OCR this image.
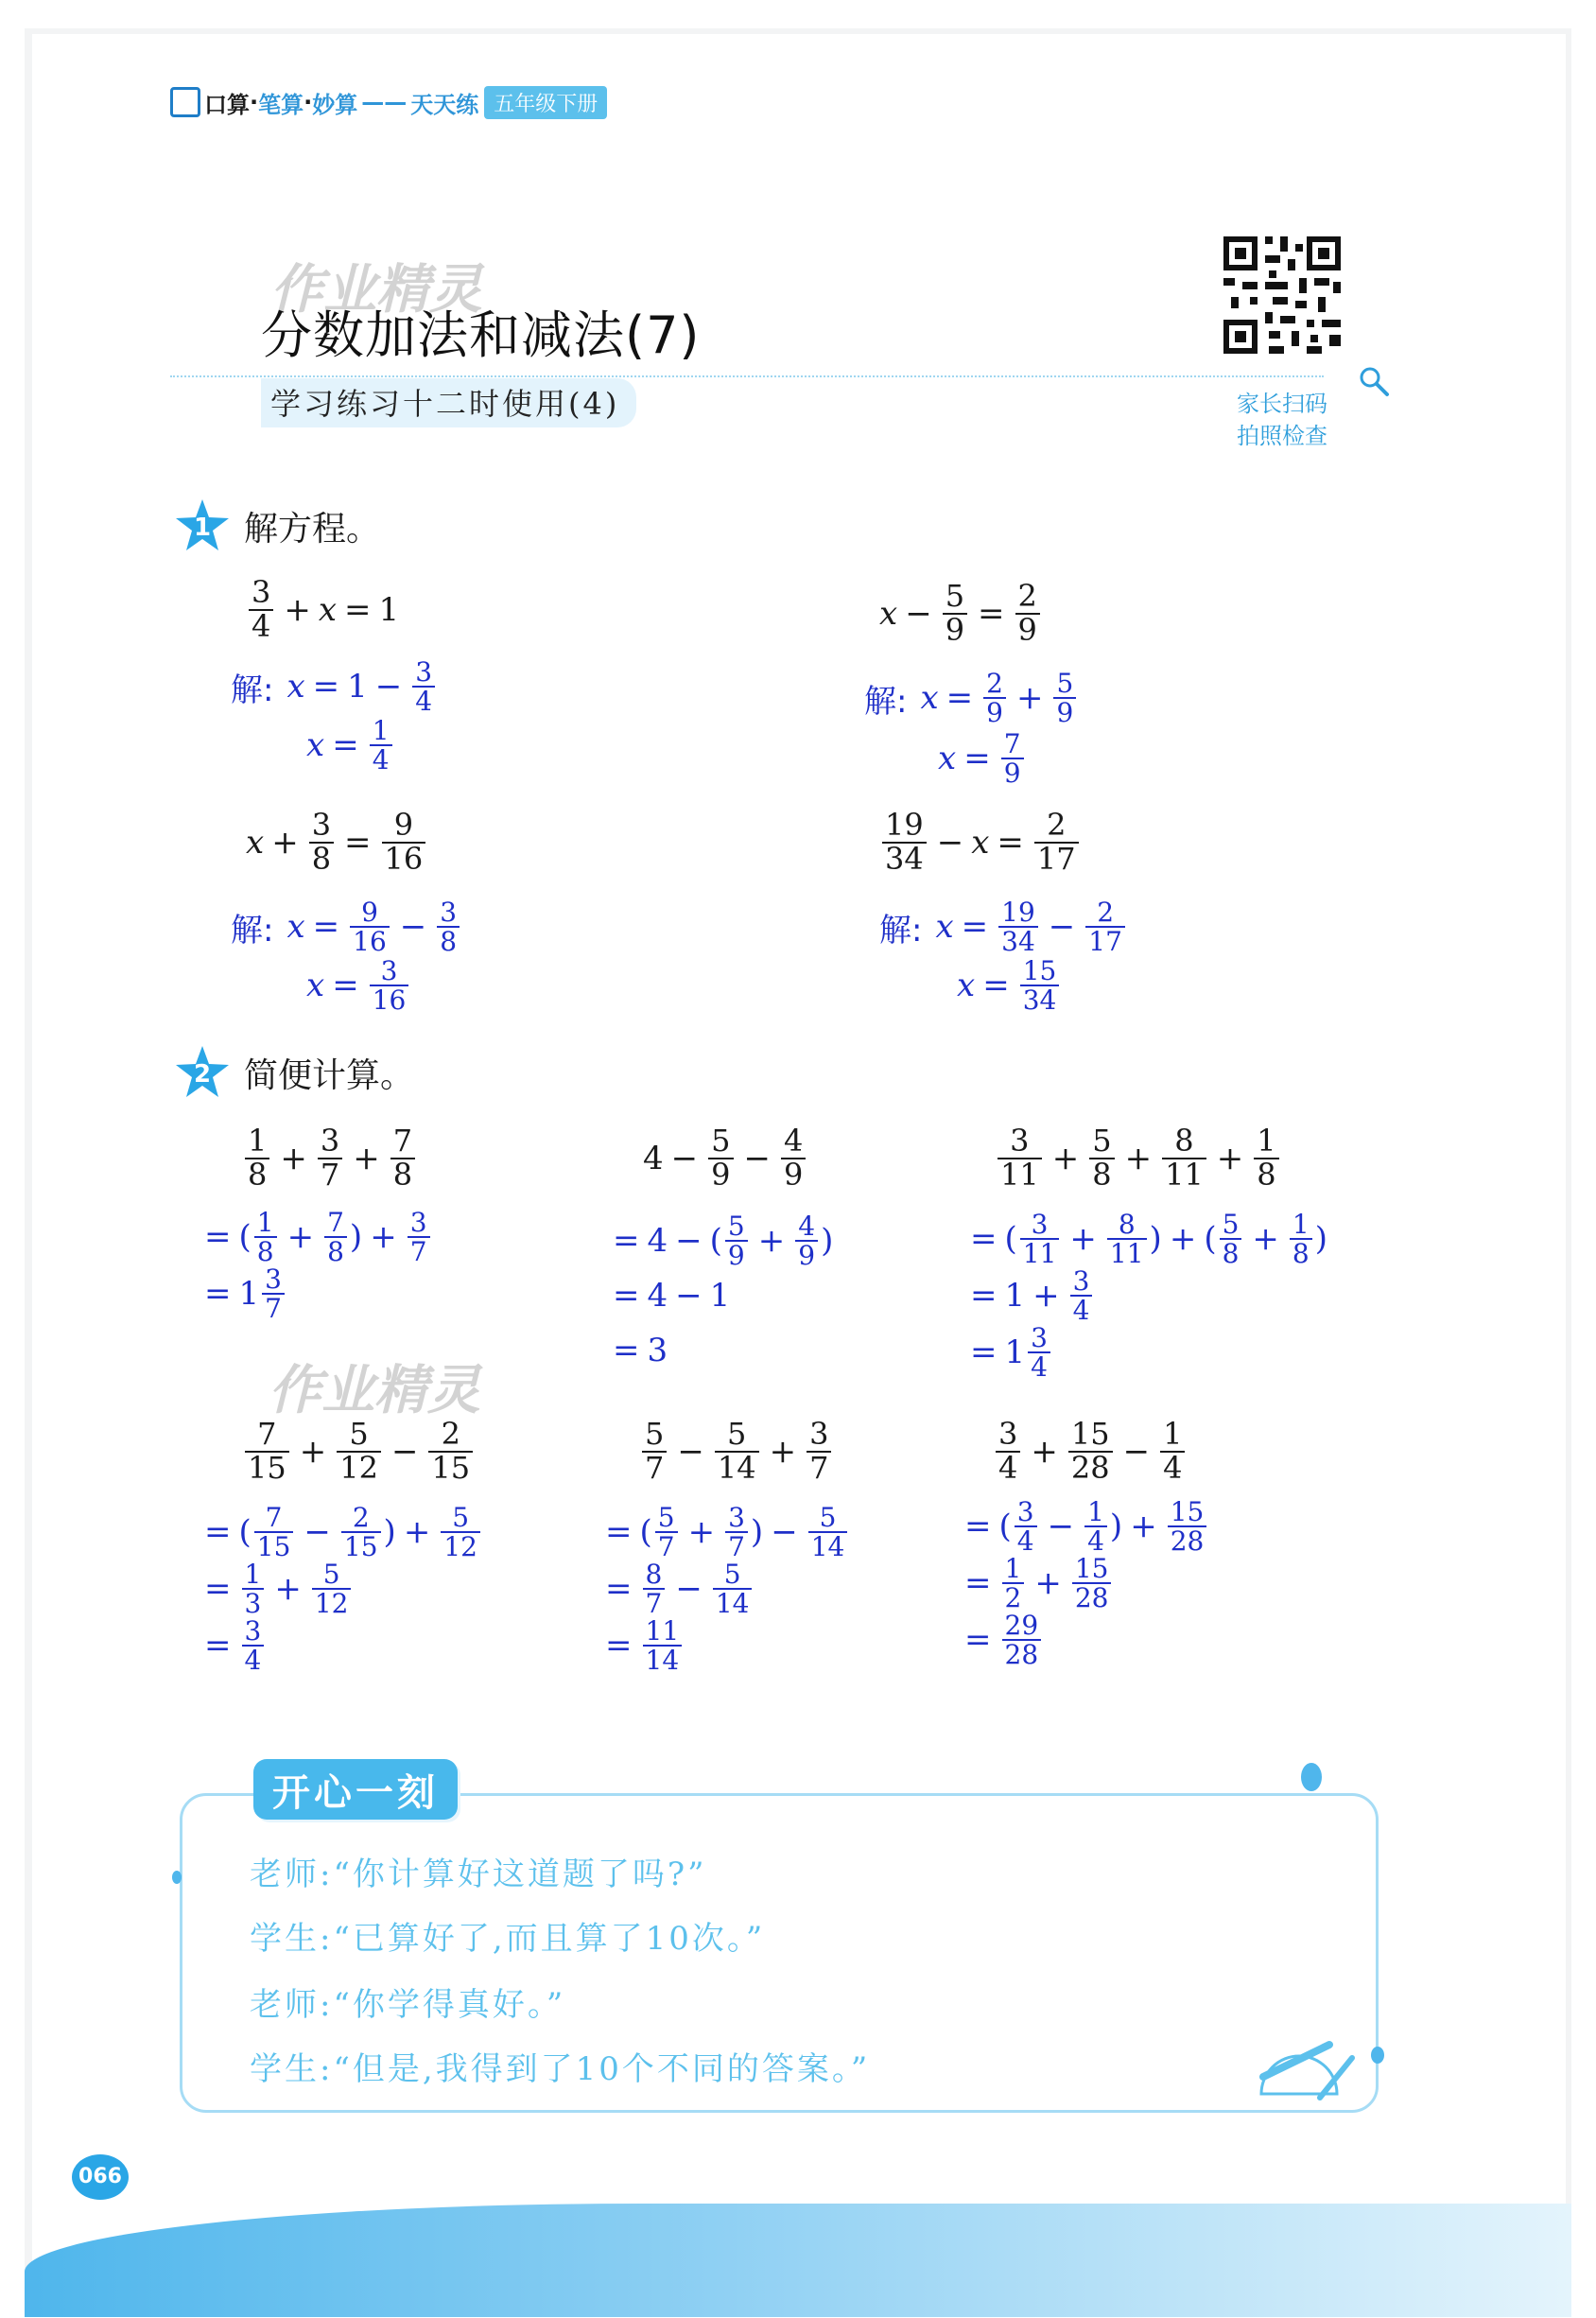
口算 · 笔算 · 妙算 —— 天天练 五年级下册
作业精灵
分数加法和减法(7)
学习练习十二时使用(4)	家长扫码
拍照检查
1 解方程。
$\frac{3}{4} + x = 1$
解: $x = 1 - \frac{3}{4}$
$x = \frac{1}{4}$
$x - \frac{5}{9} = \frac{2}{9}$
解: $x = \frac{2}{9} + \frac{5}{9}$
$x = \frac{7}{9}$
$x + \frac{3}{8} = \frac{9}{16}$
解: $x = \frac{9}{16} - \frac{3}{8}$
$x = \frac{3}{16}$
$\frac{19}{34} - x = \frac{2}{17}$
解: $x = \frac{19}{34} - \frac{2}{17}$
$x = \frac{15}{34}$
2 简便计算。
$\frac{1}{8} + \frac{3}{7} + \frac{7}{8}$
= ( $\frac{1}{8} + \frac{7}{8}$ ) + $\frac{3}{7}$
= $1 \frac{3}{7}$
$4 - \frac{5}{9} - \frac{4}{9}$
= 4 − ( $\frac{5}{9} + \frac{4}{9}$ )
= 4 − 1
= 3
$\frac{3}{11} + \frac{5}{8} + \frac{8}{11} + \frac{1}{8}$
= ( $\frac{3}{11} + \frac{8}{11}$ ) + ( $\frac{5}{8} + \frac{1}{8}$ )
= $1 + \frac{3}{4}$
= $1 \frac{3}{4}$
作业精灵
$\frac{7}{15} + \frac{5}{12} - \frac{2}{15}$
= ( $\frac{7}{15} - \frac{2}{15}$ ) + $\frac{5}{12}$
= $\frac{1}{3} + \frac{5}{12}$
= $\frac{3}{4}$
$\frac{5}{7} - \frac{5}{14} + \frac{3}{7}$
= ( $\frac{5}{7} + \frac{3}{7}$ ) − $\frac{5}{14}$
= $\frac{8}{7} - \frac{5}{14}$
= $\frac{11}{14}$
$\frac{3}{4} + \frac{15}{28} - \frac{1}{4}$
= ( $\frac{3}{4} - \frac{1}{4}$ ) + $\frac{15}{28}$
= $\frac{1}{2} + \frac{15}{28}$
= $\frac{29}{28}$
开心一刻
老师:“你计算好这道题了吗?”
学生:“已算好了,而且算了10次。”
老师:“你学得真好。”
学生:“但是,我得到了10个不同的答案。”
066
